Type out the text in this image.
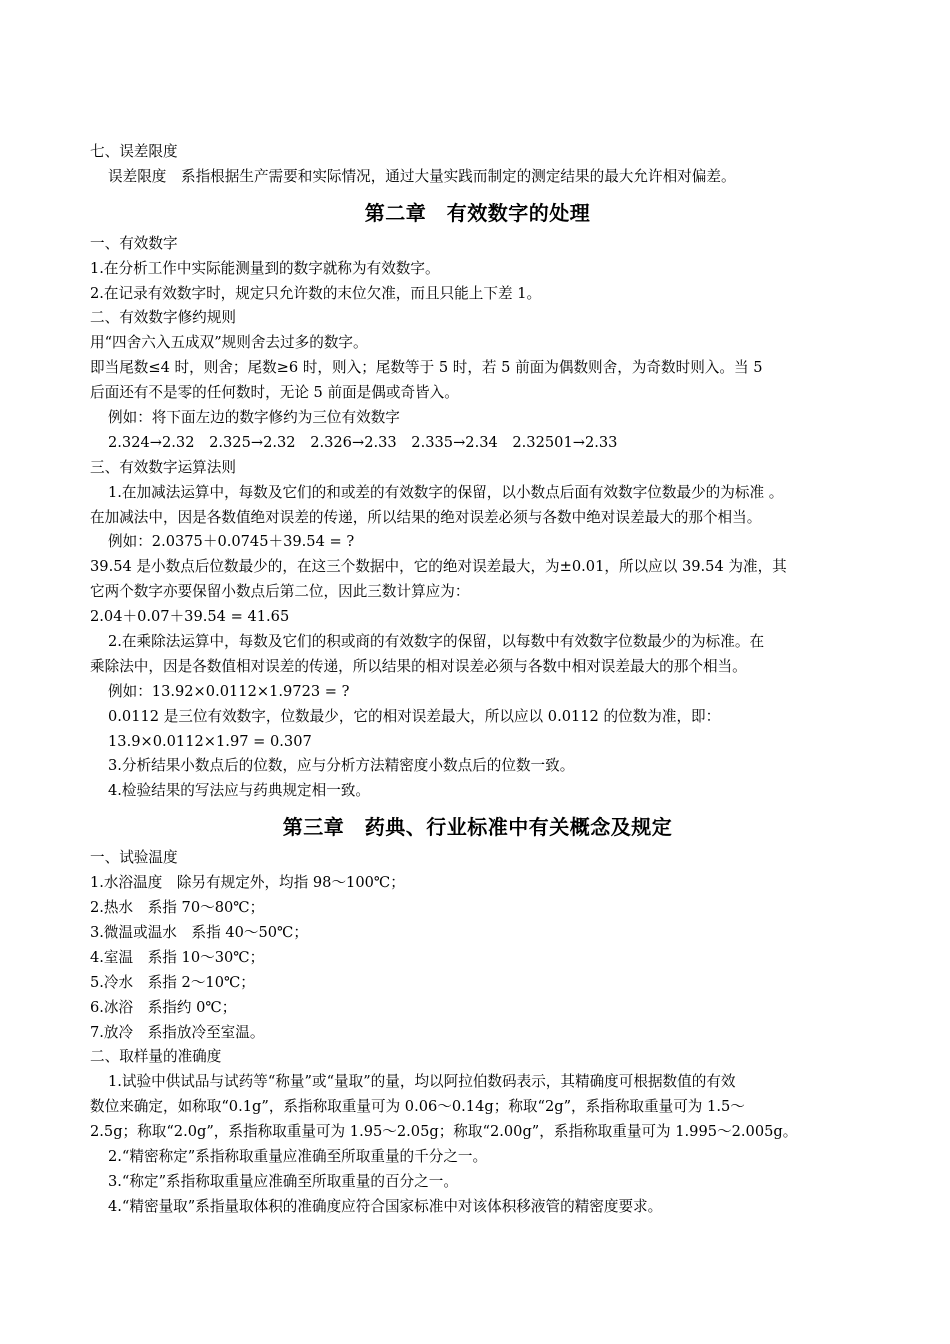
七、误差限度
误差限度　系指根据生产需要和实际情况，通过大量实践而制定的测定结果的最大允许相对偏差。
第二章　有效数字的处理
一、有效数字
1.在分析工作中实际能测量到的数字就称为有效数字。
2.在记录有效数字时，规定只允许数的末位欠准，而且只能上下差 1。
二、有效数字修约规则
用“四舍六入五成双”规则舍去过多的数字。
即当尾数≤4 时，则舍；尾数≥6 时，则入；尾数等于 5 时，若 5 前面为偶数则舍，为奇数时则入。当 5
后面还有不是零的任何数时，无论 5 前面是偶或奇皆入。
例如：将下面左边的数字修约为三位有效数字
2.324→2.32　2.325→2.32　2.326→2.33　2.335→2.34　2.32501→2.33
三、有效数字运算法则
1.在加减法运算中，每数及它们的和或差的有效数字的保留，以小数点后面有效数字位数最少的为标准 。
在加减法中，因是各数值绝对误差的传递，所以结果的绝对误差必须与各数中绝对误差最大的那个相当。
例如：2.0375＋0.0745＋39.54 = ?
39.54 是小数点后位数最少的，在这三个数据中，它的绝对误差最大，为±0.01，所以应以 39.54 为准，其
它两个数字亦要保留小数点后第二位，因此三数计算应为：
2.04＋0.07＋39.54 = 41.65
2.在乘除法运算中，每数及它们的积或商的有效数字的保留，以每数中有效数字位数最少的为标准。在
乘除法中，因是各数值相对误差的传递，所以结果的相对误差必须与各数中相对误差最大的那个相当。
例如：13.92×0.0112×1.9723 = ?
0.0112 是三位有效数字，位数最少，它的相对误差最大，所以应以 0.0112 的位数为准，即：
13.9×0.0112×1.97 = 0.307
3.分析结果小数点后的位数，应与分析方法精密度小数点后的位数一致。
4.检验结果的写法应与药典规定相一致。
第三章　药典、行业标准中有关概念及规定
一、试验温度
1.水浴温度　除另有规定外，均指 98～100℃；
2.热水　系指 70～80℃；
3.微温或温水　系指 40～50℃；
4.室温　系指 10～30℃；
5.冷水　系指 2～10℃；
6.冰浴　系指约 0℃；
7.放冷　系指放冷至室温。
二、取样量的准确度
1.试验中供试品与试药等“称量”或“量取”的量，均以阿拉伯数码表示，其精确度可根据数值的有效
数位来确定，如称取“0.1g”，系指称取重量可为 0.06～0.14g；称取“2g”，系指称取重量可为 1.5～
2.5g；称取“2.0g”，系指称取重量可为 1.95～2.05g；称取“2.00g”，系指称取重量可为 1.995～2.005g。
2.“精密称定”系指称取重量应准确至所取重量的千分之一。
3.“称定”系指称取重量应准确至所取重量的百分之一。
4.“精密量取”系指量取体积的准确度应符合国家标准中对该体积移液管的精密度要求。
